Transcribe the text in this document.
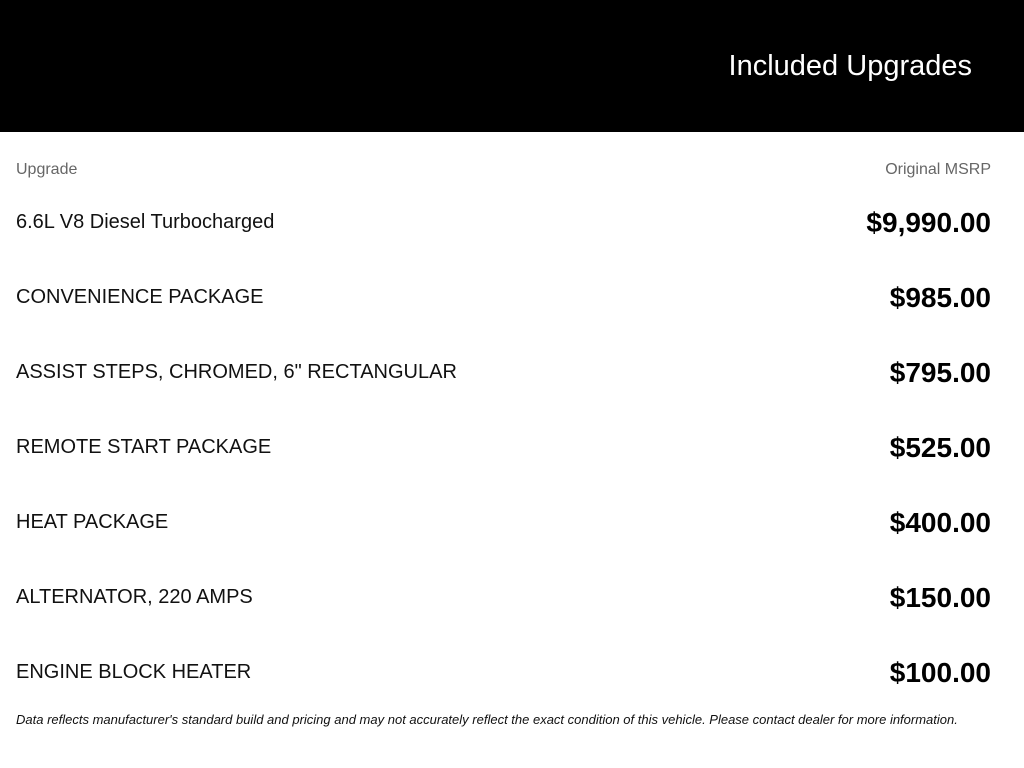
Included Upgrades
Upgrade	Original MSRP
6.6L V8 Diesel Turbocharged	$9,990.00
CONVENIENCE PACKAGE	$985.00
ASSIST STEPS, CHROMED, 6" RECTANGULAR	$795.00
REMOTE START PACKAGE	$525.00
HEAT PACKAGE	$400.00
ALTERNATOR, 220 AMPS	$150.00
ENGINE BLOCK HEATER	$100.00
Data reflects manufacturer's standard build and pricing and may not accurately reflect the exact condition of this vehicle. Please contact dealer for more information.
